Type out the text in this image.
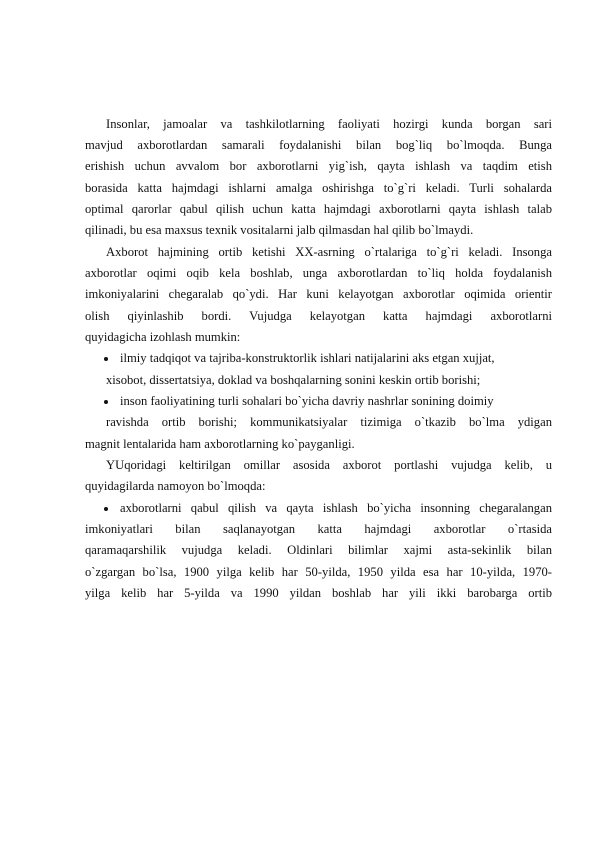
Insonlar, jamoalar va tashkilotlarning faoliyati hozirgi kunda borgan sari
mavjud axborotlardan samarali foydalanishi bilan bog`liq bo`lmoqda. Bunga
erishish uchun avvalom bor axborotlarni yig`ish, qayta ishlash va taqdim etish
borasida katta hajmdagi ishlarni amalga oshirishga to`g`ri keladi. Turli sohalarda
optimal qarorlar qabul qilish uchun katta hajmdagi axborotlarni qayta ishlash talab
qilinadi, bu esa maxsus texnik vositalarni jalb qilmasdan hal qilib bo`lmaydi.
Axborot hajmining ortib ketishi XX-asrning o`rtalariga to`g`ri keladi. Insonga
axborotlar oqimi oqib kela boshlab, unga axborotlardan to`liq holda foydalanish
imkoniyalarini chegaralab qo`ydi. Har kuni kelayotgan axborotlar oqimida orientir
olish qiyinlashib bordi. Vujudga kelayotgan katta hajmdagi axborotlarni
quyidagicha izohlash mumkin:
ilmiy tadqiqot va tajriba-konstruktorlik ishlari natijalarini aks etgan xujjat,
xisobot, dissertatsiya, doklad va boshqalarning sonini keskin ortib borishi;
inson faoliyatining turli sohalari bo`yicha davriy nashrlar sonining doimiy
ravishda ortib borishi; kommunikatsiyalar tizimiga o`tkazib bo`lma ydigan
magnit lentalarida ham axborotlarning ko`payganligi.
YUqoridagi keltirilgan omillar asosida axborot portlashi vujudga kelib, u
quyidagilarda namoyon bo`lmoqda:
axborotlarni qabul qilish va qayta ishlash bo`yicha insonning chegaralangan
imkoniyatlari bilan saqlanayotgan katta hajmdagi axborotlar o`rtasida
qaramaqarshilik vujudga keladi. Oldinlari bilimlar xajmi asta-sekinlik bilan
o`zgargan bo`lsa, 1900 yilga kelib har 50-yilda, 1950 yilda esa har 10-yilda, 1970-
yilga kelib har 5-yilda va 1990 yildan boshlab har yili ikki barobarga ortib
